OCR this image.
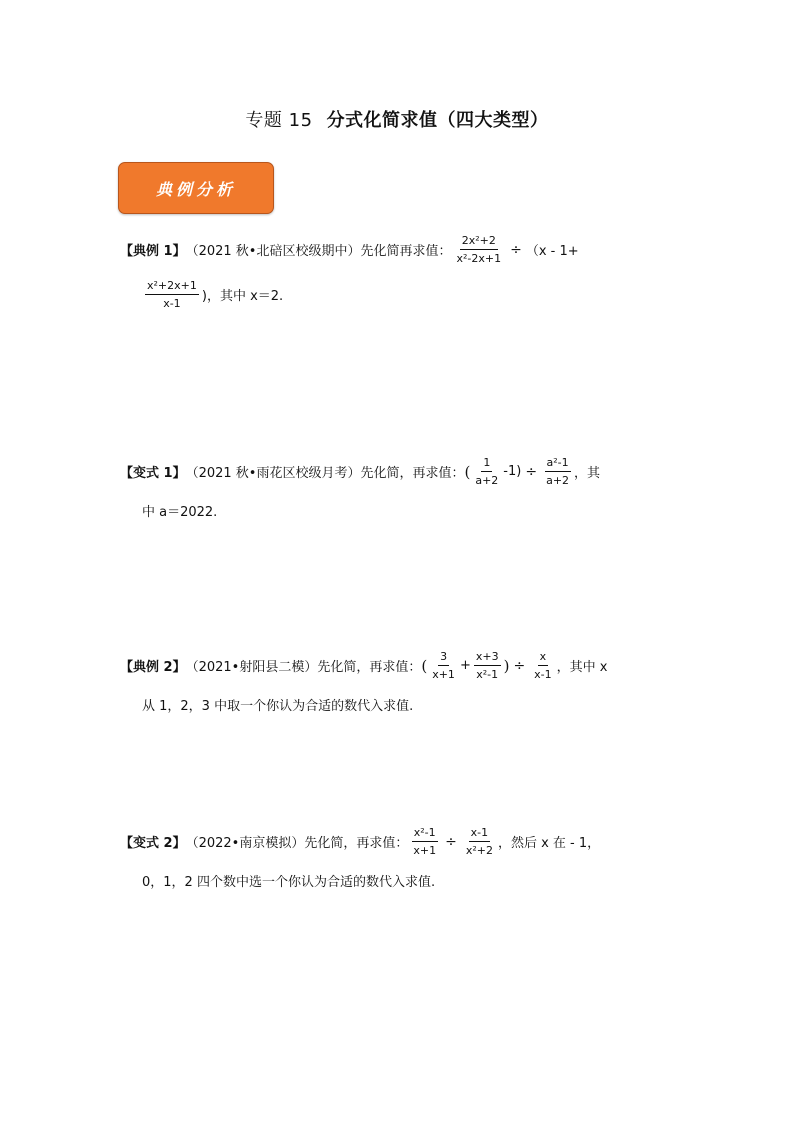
专题 15 分式化简求值（四大类型）
典例分析
【典例 1】 （2021 秋•北碚区校级期中）先化简再求值： $\frac{\text{2x²+2}}{\text{x²-2x+1}} \div (x - 1+$
$\frac{\text{x²+2x+1}}{x-1}$ )，其中 x＝2.
【变式 1】 （2021 秋•雨花区校级月考）先化简，再求值： ( $\frac{1}{a+2} -1) \div \frac{\text{a²-1}}{a+2}$ ，其
中 a＝2022.
【典例 2】 （2021•射阳县二模）先化简，再求值： ( $\frac{3}{x+1} + \frac{x+3}{\text{x²-1}}$ ) ÷ $\frac{x}{x-1}$ ，其中 x
从 1，2，3 中取一个你认为合适的数代入求值.
【变式 2】 （2022•南京模拟）先化简，再求值： $\frac{\text{x²-1}}{x+1} \div \frac{x-1}{\text{x²+2}}$ ，然后 x 在 - 1，
0，1，2 四个数中选一个你认为合适的数代入求值.
